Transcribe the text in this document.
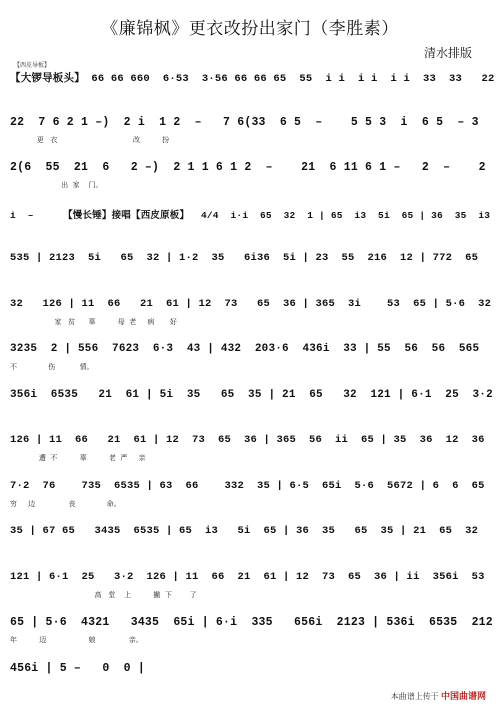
《廉锦枫》更衣改扮出家门（李胜素）
清水排版
【西皮导板】
【大锣导板头】 66 66 660  6·53  3·56 66 66 65  55  i i  i i  i i  33  33   22
22  7 6 2 1 –)  2 i  1 2  –   7 6(33  6 5  –    5 5 3  i  6 5  – 3
更   衣                                  改          扮
2(6  55  21  6   2 –)  2 1 1 6 1 2  –    21  6 11 6 1 –   2  –    2
出  家    门。
i  –     【慢长锤】接唱【西皮原板】  4/4  i·i  65  32  1 | 65  i3  5i  65 | 36  35  i3
535 | 2123  5i   65  32 | 1·2  35   6i36  5i | 23  55  216  12 | 772  65
32   126 | 11  66   21  61 | 12  73   65  36 | 365  3i    53  65 | 5·6  32
家   贫      辜          母  老     病       好
3235  2 | 556  7623  6·3  43 | 432  203·6  436i  33 | 55  56  56  565
不              伤           情。
356i  6535   21  61 | 5i  35   65  35 | 21  65   32  121 | 6·1  25  3·2
126 | 11  66   21  61 | 12  73  65  36 | 365  56  ii  65 | 35  36  12  36
遭  不          辜          老  严     亲
7·2  76    735  6535 | 63  66    332  35 | 6·5  65i  5·6  5672 | 6  6  65
穷     边               丧              命。
35 | 67 65   3435  6535 | 65  i3   5i  65 | 36  35   65  35 | 21  65  32
121 | 6·1  25   3·2  126 | 11  66  21  61 | 12  73  65  36 | ii  356i  53
高   堂    上          撇  下        了
65 | 5·6  4321   3435  65i | 6·i  335   656i  2123 | 536i  6535  212
年          迈                   娘               亲。
456i | 5 –   0  0 |
本曲谱上传于 中国曲谱网
